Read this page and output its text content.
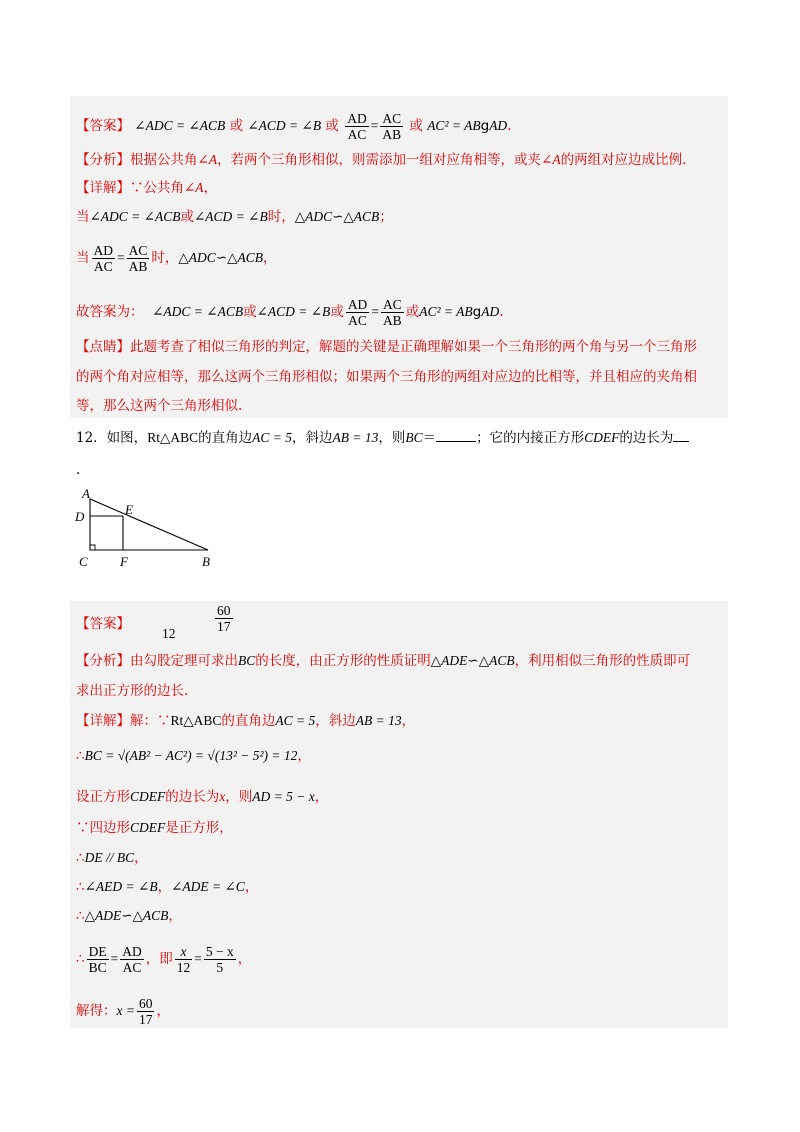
【答案】 ∠ADC = ∠ACB 或 ∠ACD = ∠B 或 $\frac{AD}{AC} = \frac{AC}{AB}$ 或 AC² = ABgAD.
【分析】根据公共角∠A，若两个三角形相似，则需添加一组对应角相等，或夹∠A的两组对应边成比例.
【详解】∵公共角∠A，
当∠ADC = ∠ACB或∠ACD = ∠B时，△ADC∽△ACB；
当 $\frac{AD}{AC} = \frac{AC}{AB}$ 时，△ADC∽△ACB，
故答案为： ∠ADC = ∠ACB或∠ACD = ∠B或 $\frac{AD}{AC} = \frac{AC}{AB}$ 或AC² = ABgAD.
【点睛】此题考查了相似三角形的判定，解题的关键是正确理解如果一个三角形的两个角与另一个三角形
的两个角对应相等，那么这两个三角形相似；如果两个三角形的两组对应边的比相等，并且相应的夹角相
等，那么这两个三角形相似.
12．如图，Rt△ABC的直角边AC = 5，斜边AB = 13，则BC＝	；它的内接正方形CDEF的边长为
.
A
D	E
C F	B
【答案】
12	$\frac{60}{17}$
【分析】由勾股定理可求出BC的长度，由正方形的性质证明△ADE∽△ACB，利用相似三角形的性质即可
求出正方形的边长.
【详解】解：∵Rt△ABC的直角边AC = 5，斜边AB = 13，
∴BC = √(AB² − AC²) = √(13² − 5²) = 12，
设正方形CDEF的边长为x，则AD = 5 − x，
∵四边形CDEF是正方形，
∴DE // BC，
∴∠AED = ∠B，∠ADE = ∠C，
∴△ADE∽△ACB，
∴ $\frac{DE}{BC} = \frac{AD}{AC}$ ，即 $\frac{x}{12} = \frac{5 - x}{5}$ ，
解得：$x = \frac{60}{17}$ ，
